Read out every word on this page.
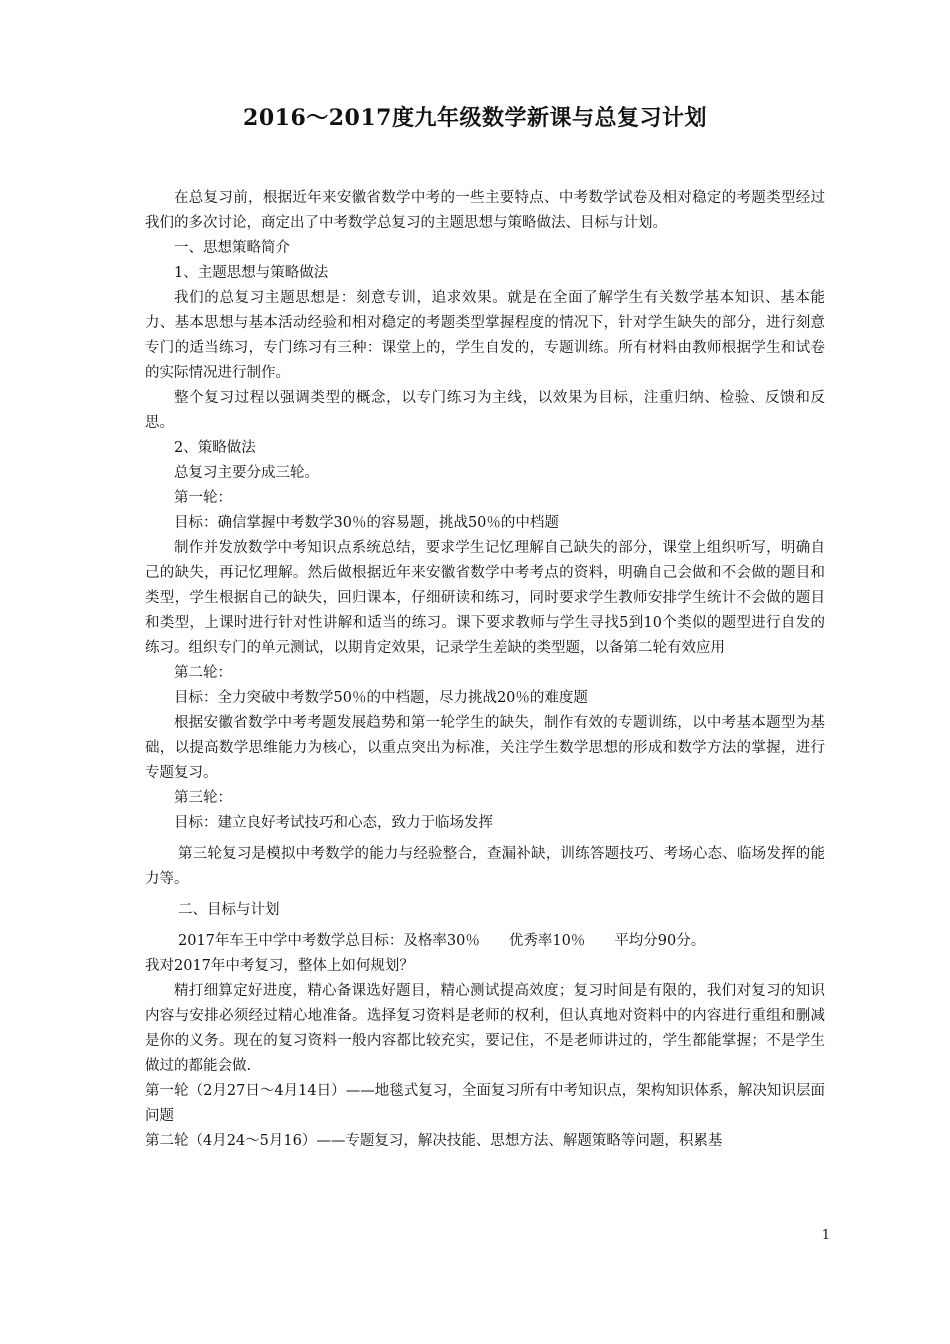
2016～2017度九年级数学新课与总复习计划

在总复习前，根据近年来安徽省数学中考的一些主要特点、中考数学试卷及相对稳定的考题类型经过我们的多次讨论，商定出了中考数学总复习的主题思想与策略做法、目标与计划。

一、思想策略简介

1、主题思想与策略做法

我们的总复习主题思想是：刻意专训，追求效果。就是在全面了解学生有关数学基本知识、基本能力、基本思想与基本活动经验和相对稳定的考题类型掌握程度的情况下，针对学生缺失的部分，进行刻意专门的适当练习，专门练习有三种：课堂上的，学生自发的，专题训练。所有材料由教师根据学生和试卷的实际情况进行制作。

整个复习过程以强调类型的概念，以专门练习为主线，以效果为目标，注重归纳、检验、反馈和反思。

2、策略做法

总复习主要分成三轮。

第一轮：

目标：确信掌握中考数学30％的容易题，挑战50％的中档题

制作并发放数学中考知识点系统总结，要求学生记忆理解自己缺失的部分，课堂上组织听写，明确自己的缺失，再记忆理解。然后做根据近年来安徽省数学中考考点的资料，明确自己会做和不会做的题目和类型，学生根据自己的缺失，回归课本，仔细研读和练习，同时要求学生教师安排学生统计不会做的题目和类型，上课时进行针对性讲解和适当的练习。课下要求教师与学生寻找5到10个类似的题型进行自发的练习。组织专门的单元测试，以期肯定效果，记录学生差缺的类型题，以备第二轮有效应用

第二轮：

目标：全力突破中考数学50％的中档题，尽力挑战20％的难度题

根据安徽省数学中考考题发展趋势和第一轮学生的缺失，制作有效的专题训练，以中考基本题型为基础，以提高数学思维能力为核心，以重点突出为标准，关注学生数学思想的形成和数学方法的掌握，进行专题复习。

第三轮：

目标：建立良好考试技巧和心态，致力于临场发挥

第三轮复习是模拟中考数学的能力与经验整合，查漏补缺，训练答题技巧、考场心态、临场发挥的能力等。

二、目标与计划

2017年车王中学中考数学总目标：及格率30％　　优秀率10％　　平均分90分。

我对2017年中考复习，整体上如何规划？

精打细算定好进度，精心备课选好题目，精心测试提高效度；复习时间是有限的，我们对复习的知识内容与安排必须经过精心地准备。选择复习资料是老师的权利，但认真地对资料中的内容进行重组和删减是你的义务。现在的复习资料一般内容都比较充实，要记住，不是老师讲过的，学生都能掌握；不是学生做过的都能会做.

第一轮（2月27日～4月14日）——地毯式复习，全面复习所有中考知识点，架构知识体系，解决知识层面问题

第二轮（4月24～5月16）——专题复习，解决技能、思想方法、解题策略等问题，积累基

1
